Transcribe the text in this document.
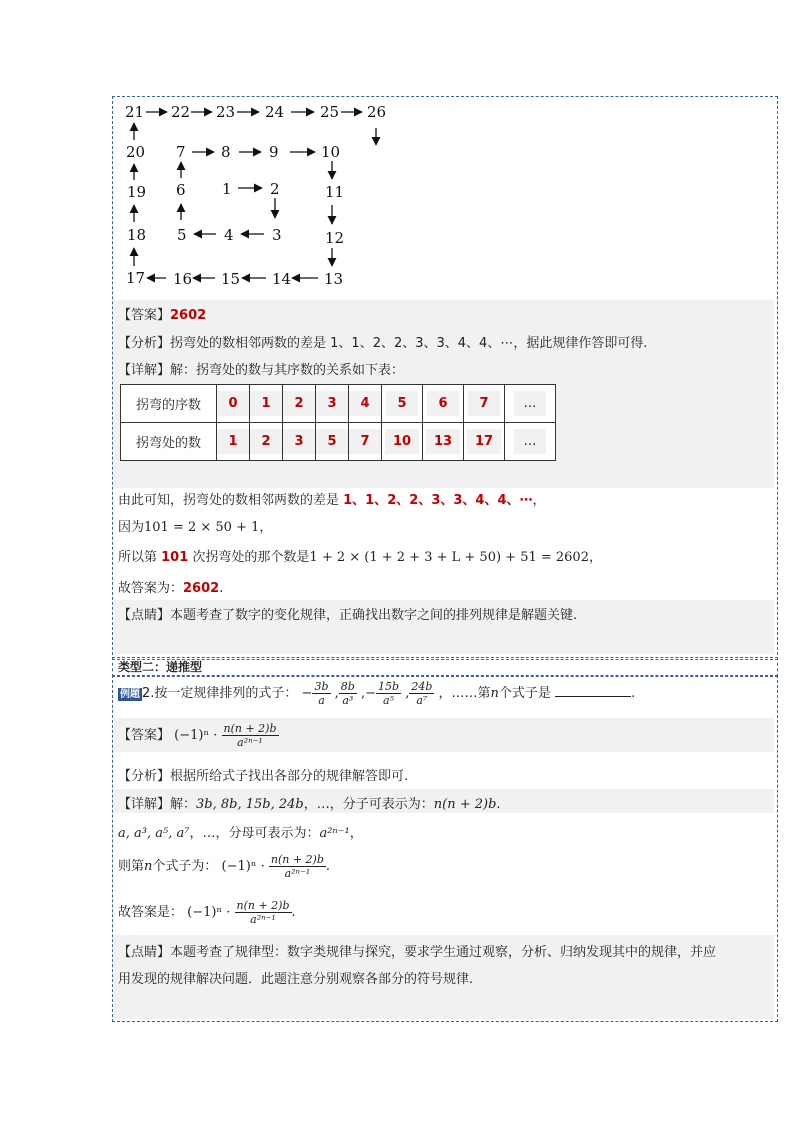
21 22 23 24 25 26
20 7 8	9	10
19 6 1	2	11
18 5 4	3	12
17 16 15 14 13
【答案】2602
【分析】拐弯处的数相邻两数的差是 1、1、2、2、3、3、4、4、⋯，据此规律作答即可得.
【详解】解：拐弯处的数与其序数的关系如下表：
拐弯的序数	0	1	2	3	4	5	6	7	…
拐弯处的数	1	2	3	5	7	10	13	17	…
由此可知，拐弯处的数相邻两数的差是 1、1、2、2、3、3、4、4、⋯，
因为101 = 2 × 50 + 1，
所以第 101 次拐弯处的那个数是1 + 2 × (1 + 2 + 3 + L + 50) + 51 = 2602，
故答案为：2602.
【点睛】本题考查了数字的变化规律，正确找出数字之间的排列规律是解题关键.
类型二：递推型
例题 2.按一定规律排列的式子： − $\frac{3b}{a}$ , $\frac{8b}{\text{a³}}$ ,− $\frac{15b}{\text{a⁵}}$ , $\frac{24b}{\text{a⁷}}$ ，……第n个式子是	.
【答案】 $(-1)^n \cdot \frac{n(n + 2)b}{\text{a²ⁿ⁻¹}}$
【分析】根据所给式子找出各部分的规律解答即可.
【详解】解：3b, 8b, 15b, 24b，…，分子可表示为：n(n + 2)b.
a, a³, a⁵, a⁷，…，分母可表示为：a²ⁿ⁻¹，
则第n个式子为： $(-1)^n \cdot \frac{n(n + 2)b}{\text{a²ⁿ⁻¹}}$ .
故答案是： $(-1)^n \cdot \frac{n(n + 2)b}{\text{a²ⁿ⁻¹}}$ .
【点睛】本题考查了规律型：数字类规律与探究，要求学生通过观察，分析、归纳发现其中的规律，并应
用发现的规律解决问题．此题注意分别观察各部分的符号规律.
